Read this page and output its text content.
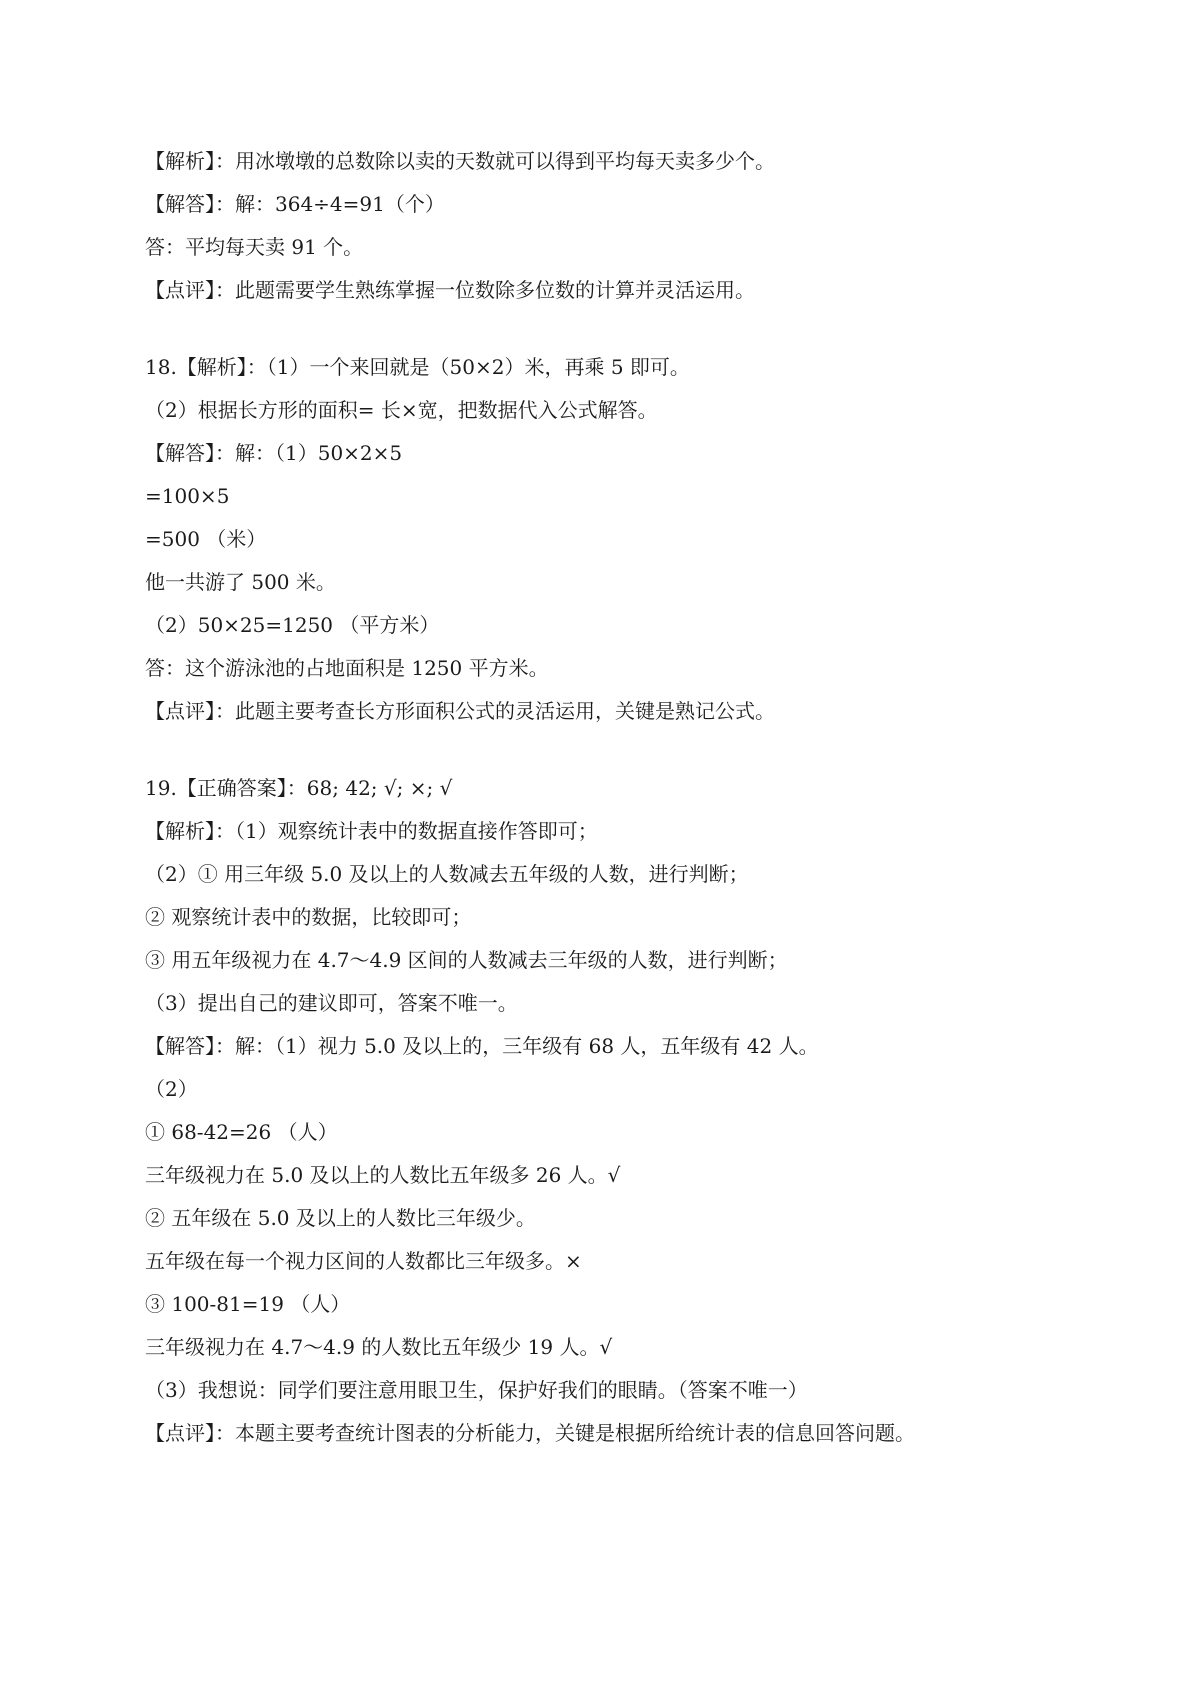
【解析】：用冰墩墩的总数除以卖的天数就可以得到平均每天卖多少个。
【解答】：解：364÷4=91（个）
答：平均每天卖 91 个。
【点评】：此题需要学生熟练掌握一位数除多位数的计算并灵活运用。
18.【解析】：（1）一个来回就是（50×2）米，再乘 5 即可。
（2）根据长方形的面积= 长×宽，把数据代入公式解答。
【解答】：解：（1）50×2×5
=100×5
=500 （米）
他一共游了 500 米。
（2）50×25=1250 （平方米）
答：这个游泳池的占地面积是 1250 平方米。
【点评】：此题主要考查长方形面积公式的灵活运用，关键是熟记公式。
19.【正确答案】：68; 42; √; ×; √
【解析】：（1）观察统计表中的数据直接作答即可；
（2）① 用三年级 5.0 及以上的人数减去五年级的人数，进行判断；
② 观察统计表中的数据，比较即可；
③ 用五年级视力在 4.7～4.9 区间的人数减去三年级的人数，进行判断；
（3）提出自己的建议即可，答案不唯一。
【解答】：解：（1）视力 5.0 及以上的，三年级有 68 人，五年级有 42 人。
（2）
① 68-42=26 （人）
三年级视力在 5.0 及以上的人数比五年级多 26 人。√
② 五年级在 5.0 及以上的人数比三年级少。
五年级在每一个视力区间的人数都比三年级多。×
③ 100-81=19 （人）
三年级视力在 4.7～4.9 的人数比五年级少 19 人。√
（3）我想说：同学们要注意用眼卫生，保护好我们的眼睛。（答案不唯一）
【点评】：本题主要考查统计图表的分析能力，关键是根据所给统计表的信息回答问题。
